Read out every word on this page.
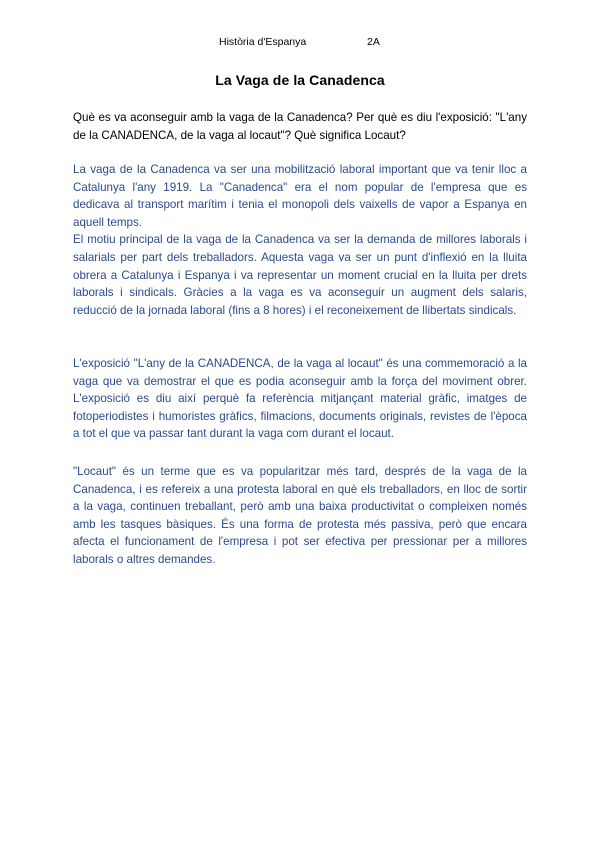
Història d'Espanya	2A
La Vaga de la Canadenca
Què es va aconseguir amb la vaga de la Canadenca? Per què es diu l'exposició: "L'any de la CANADENCA, de la vaga al locaut"? Què significa Locaut?

La vaga de la Canadenca va ser una mobilització laboral important que va tenir lloc a Catalunya l'any 1919. La "Canadenca" era el nom popular de l'empresa que es dedicava al transport marítim i tenia el monopoli dels vaixells de vapor a Espanya en aquell temps.

El motiu principal de la vaga de la Canadenca va ser la demanda de millores laborals i salarials per part dels treballadors. Aquesta vaga va ser un punt d'inflexió en la lluita obrera a Catalunya i Espanya i va representar un moment crucial en la lluita per drets laborals i sindicals. Gràcies a la vaga es va aconseguir un augment dels salaris, reducció de la jornada laboral (fins a 8 hores) i el reconeixement de llibertats sindicals.

L'exposició "L'any de la CANADENCA, de la vaga al locaut" és una commemoració a la vaga que va demostrar el que es podia aconseguir amb la força del moviment obrer. L'exposició es diu així perquè fa referència mitjançant material gràfic, imatges de fotoperiodistes i humoristes gràfics, filmacions, documents originals, revistes de l'època a tot el que va passar tant durant la vaga com durant el locaut.

"Locaut" és un terme que es va popularitzar més tard, després de la vaga de la Canadenca, i es refereix a una protesta laboral en què els treballadors, en lloc de sortir a la vaga, continuen treballant, però amb una baixa productivitat o compleixen només amb les tasques bàsiques. És una forma de protesta més passiva, però que encara afecta el funcionament de l'empresa i pot ser efectiva per pressionar per a millores laborals o altres demandes.
